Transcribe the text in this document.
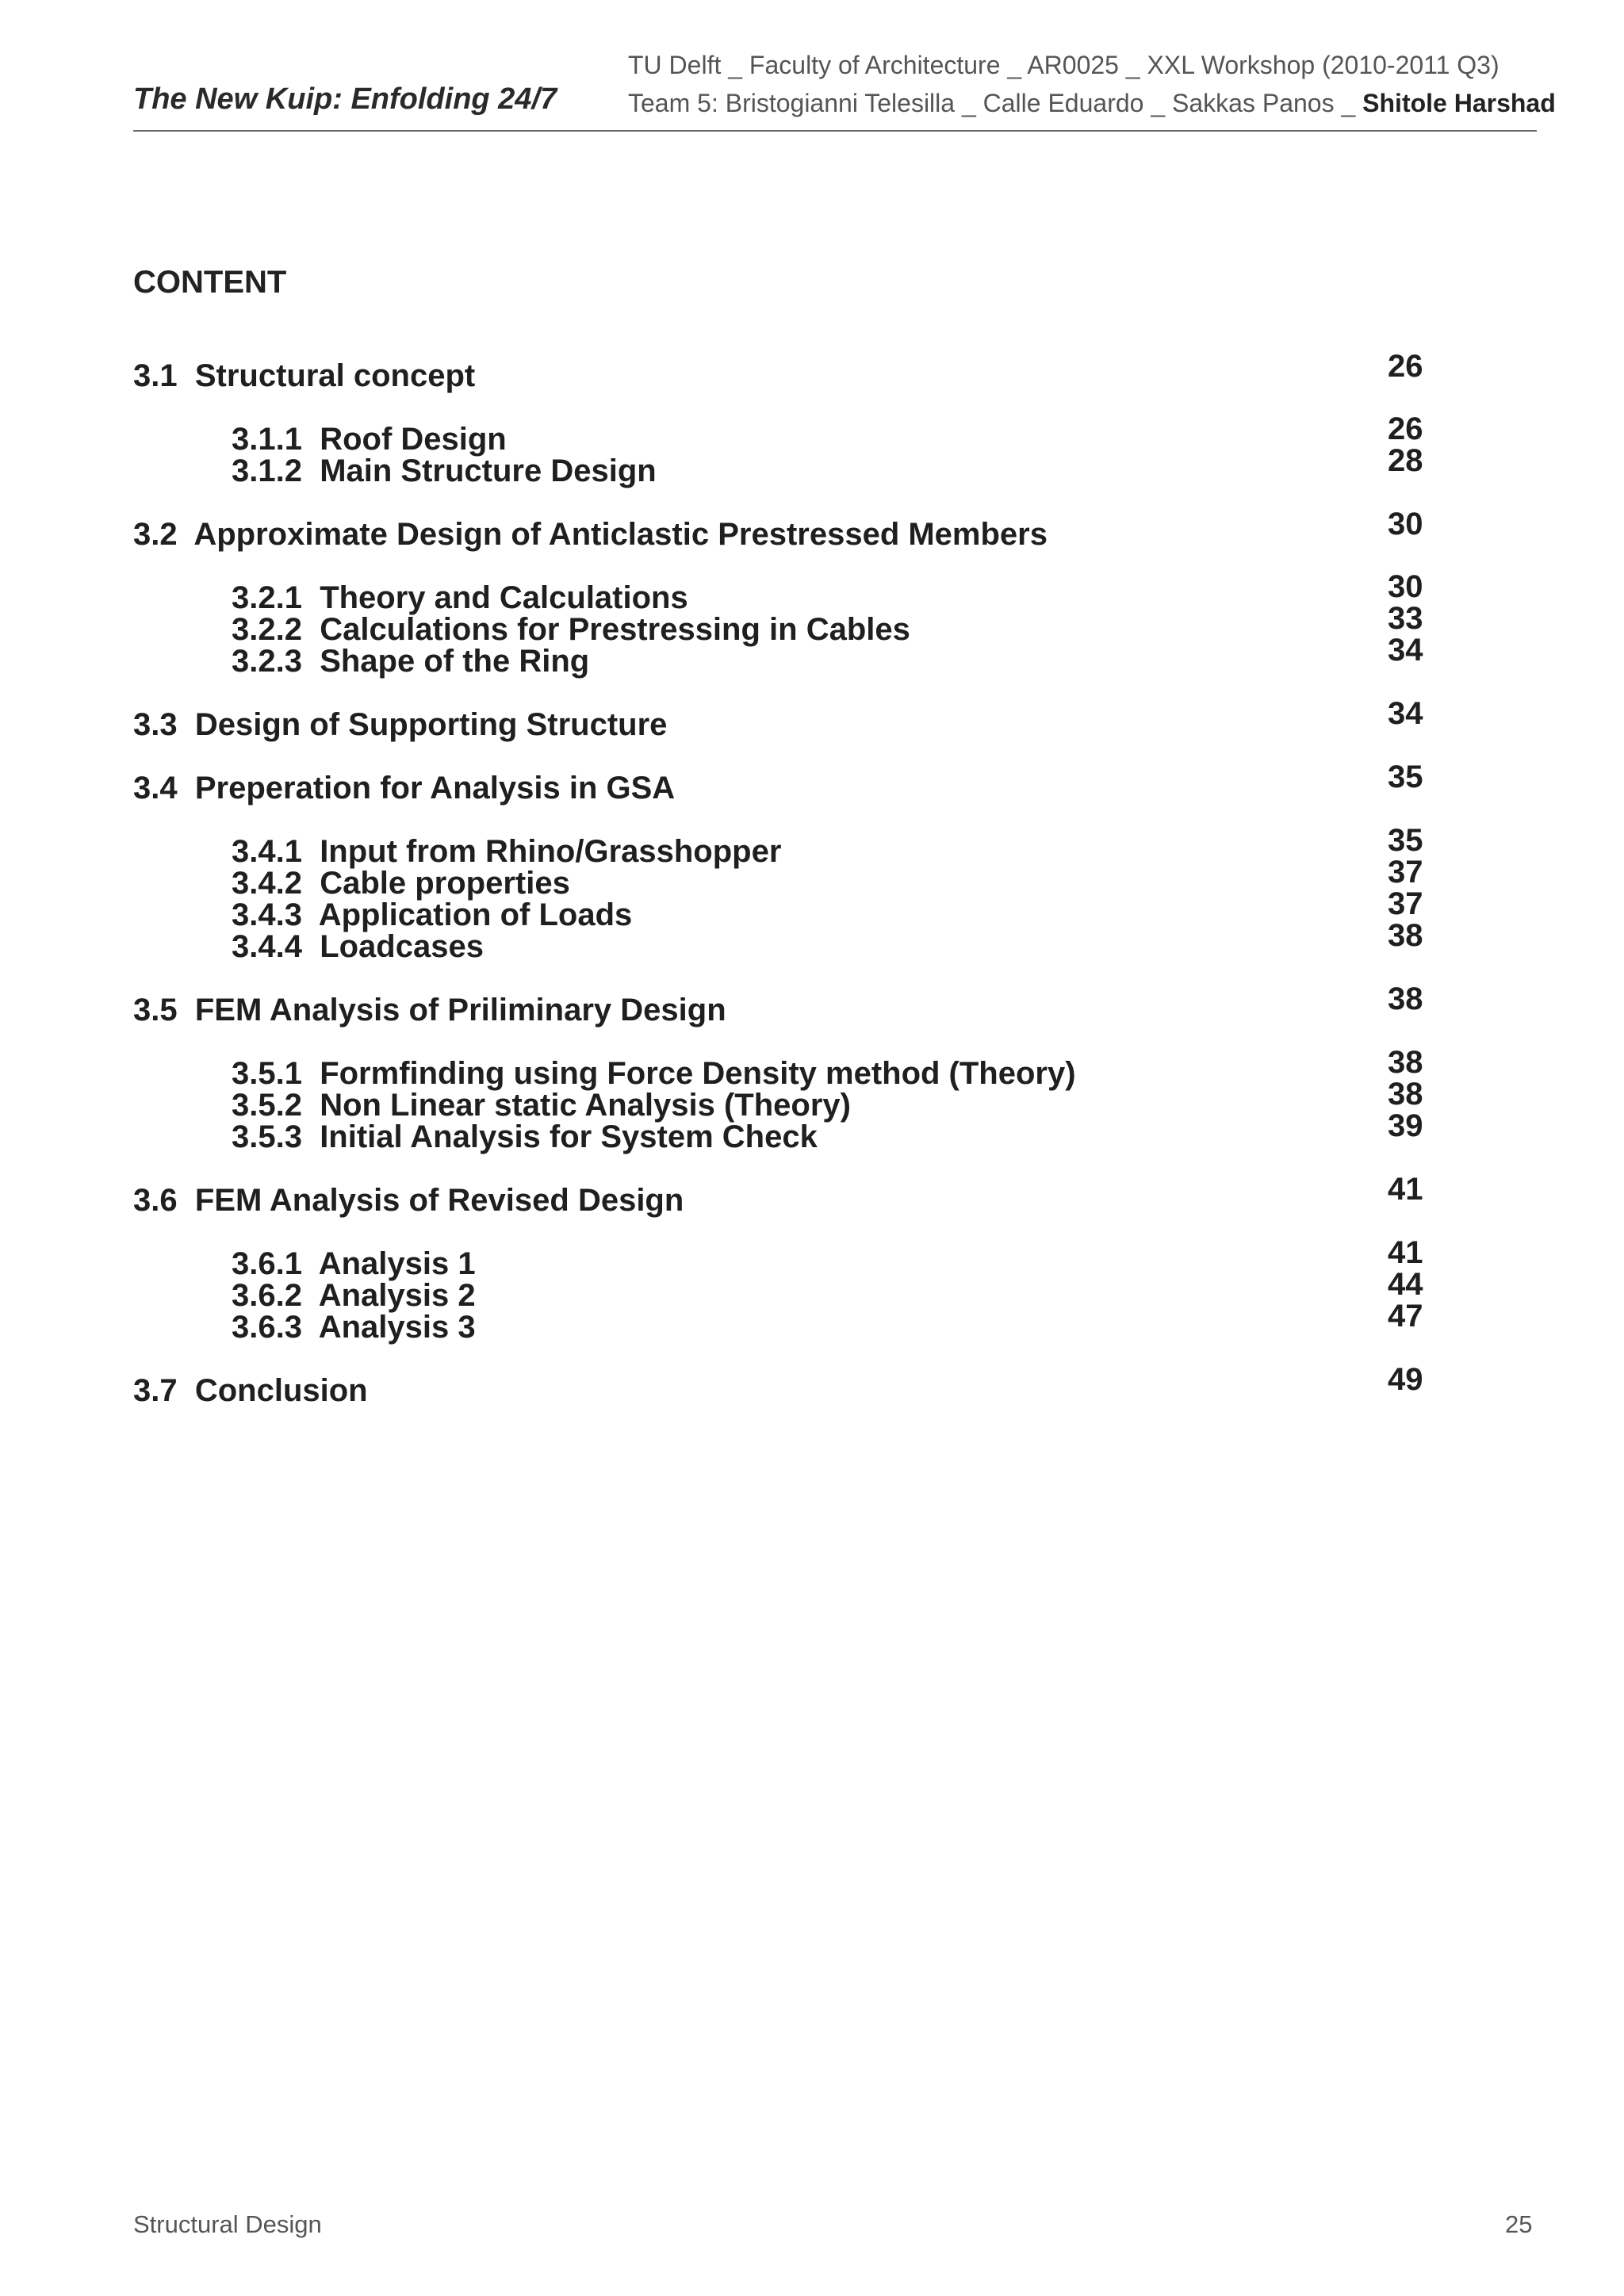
The New Kuip: Enfolding 24/7
TU Delft _ Faculty of Architecture _ AR0025 _ XXL Workshop (2010-2011 Q3)
Team 5: Bristogianni Telesilla _ Calle Eduardo _ Sakkas Panos _ Shitole Harshad
CONTENT
3.1  Structural concept	26
3.1.1  Roof Design	26
3.1.2  Main Structure Design	28
3.2  Approximate Design of Anticlastic Prestressed Members	30
3.2.1  Theory and Calculations	30
3.2.2  Calculations for Prestressing in Cables	33
3.2.3  Shape of the Ring	34
3.3  Design of Supporting Structure	34
3.4  Preperation for Analysis in GSA	35
3.4.1  Input from Rhino/Grasshopper	35
3.4.2  Cable properties	37
3.4.3  Application of Loads	37
3.4.4  Loadcases	38
3.5  FEM Analysis of Priliminary Design	38
3.5.1  Formfinding using Force Density method (Theory)	38
3.5.2  Non Linear static Analysis (Theory)	38
3.5.3  Initial Analysis for System Check	39
3.6  FEM Analysis of Revised Design	41
3.6.1  Analysis 1	41
3.6.2  Analysis 2	44
3.6.3  Analysis 3	47
3.7  Conclusion	49
Structural Design	25
